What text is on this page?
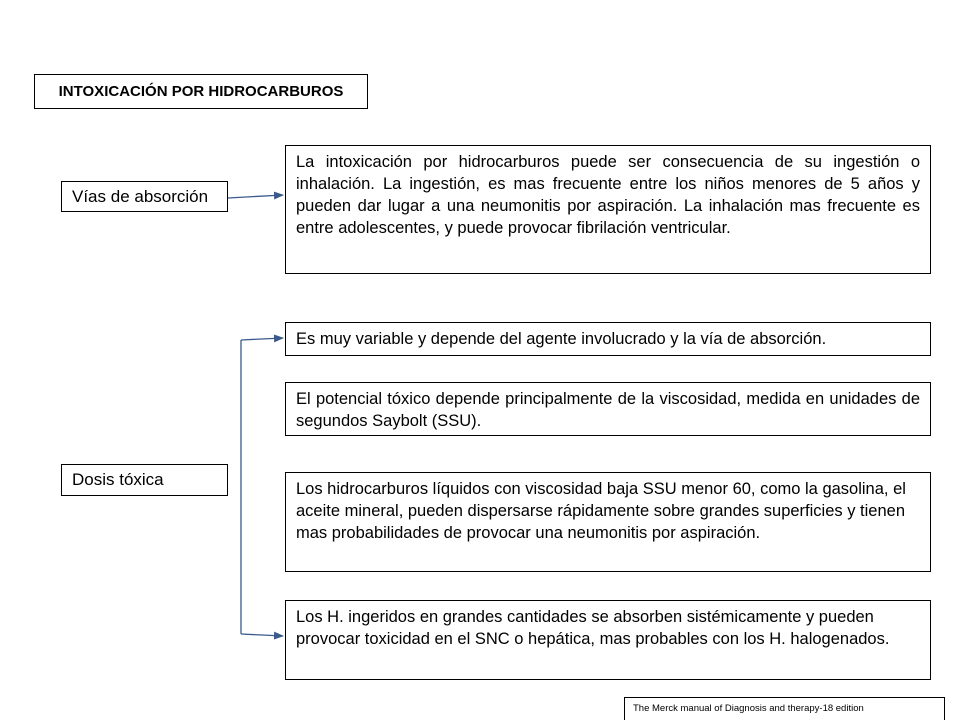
INTOXICACIÓN POR HIDROCARBUROS
Vías de absorción
La intoxicación por hidrocarburos puede ser consecuencia de su ingestión o inhalación. La ingestión, es mas frecuente entre los niños menores de 5 años y pueden dar lugar a una neumonitis por aspiración. La inhalación mas frecuente es entre adolescentes, y puede provocar fibrilación ventricular.
Dosis tóxica
Es muy variable y depende del agente involucrado y la vía de absorción.
El potencial tóxico depende principalmente de la viscosidad, medida en unidades de segundos Saybolt (SSU).
Los hidrocarburos líquidos con viscosidad baja SSU menor 60, como la gasolina, el aceite mineral, pueden dispersarse rápidamente sobre grandes superficies y tienen mas probabilidades de provocar una neumonitis por aspiración.
Los H. ingeridos en grandes cantidades se absorben sistémicamente y pueden provocar toxicidad en el SNC o hepática, mas probables con los H. halogenados.
The Merck manual of Diagnosis and therapy-18 edition
